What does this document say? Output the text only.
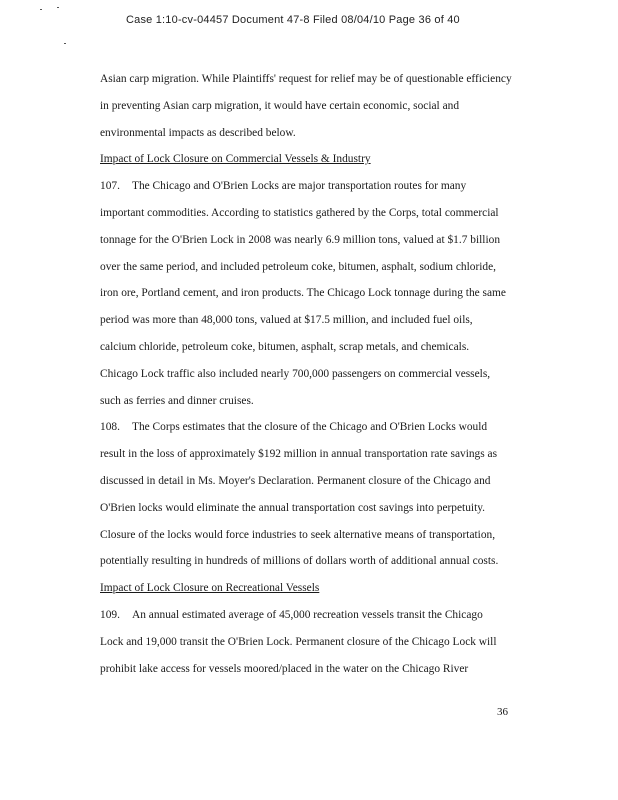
Case 1:10-cv-04457 Document 47-8 Filed 08/04/10 Page 36 of 40

Asian carp migration. While Plaintiffs' request for relief may be of questionable efficiency

in preventing Asian carp migration, it would have certain economic, social and

environmental impacts as described below.

Impact of Lock Closure on Commercial Vessels & Industry

107. The Chicago and O'Brien Locks are major transportation routes for many

important commodities. According to statistics gathered by the Corps, total commercial

tonnage for the O'Brien Lock in 2008 was nearly 6.9 million tons, valued at $1.7 billion

over the same period, and included petroleum coke, bitumen, asphalt, sodium chloride,

iron ore, Portland cement, and iron products. The Chicago Lock tonnage during the same

period was more than 48,000 tons, valued at $17.5 million, and included fuel oils,

calcium chloride, petroleum coke, bitumen, asphalt, scrap metals, and chemicals.

Chicago Lock traffic also included nearly 700,000 passengers on commercial vessels,

such as ferries and dinner cruises.

108. The Corps estimates that the closure of the Chicago and O'Brien Locks would

result in the loss of approximately $192 million in annual transportation rate savings as

discussed in detail in Ms. Moyer's Declaration. Permanent closure of the Chicago and

O'Brien locks would eliminate the annual transportation cost savings into perpetuity.

Closure of the locks would force industries to seek alternative means of transportation,

potentially resulting in hundreds of millions of dollars worth of additional annual costs.

Impact of Lock Closure on Recreational Vessels

109. An annual estimated average of 45,000 recreation vessels transit the Chicago

Lock and 19,000 transit the O'Brien Lock. Permanent closure of the Chicago Lock will

prohibit lake access for vessels moored/placed in the water on the Chicago River

36
